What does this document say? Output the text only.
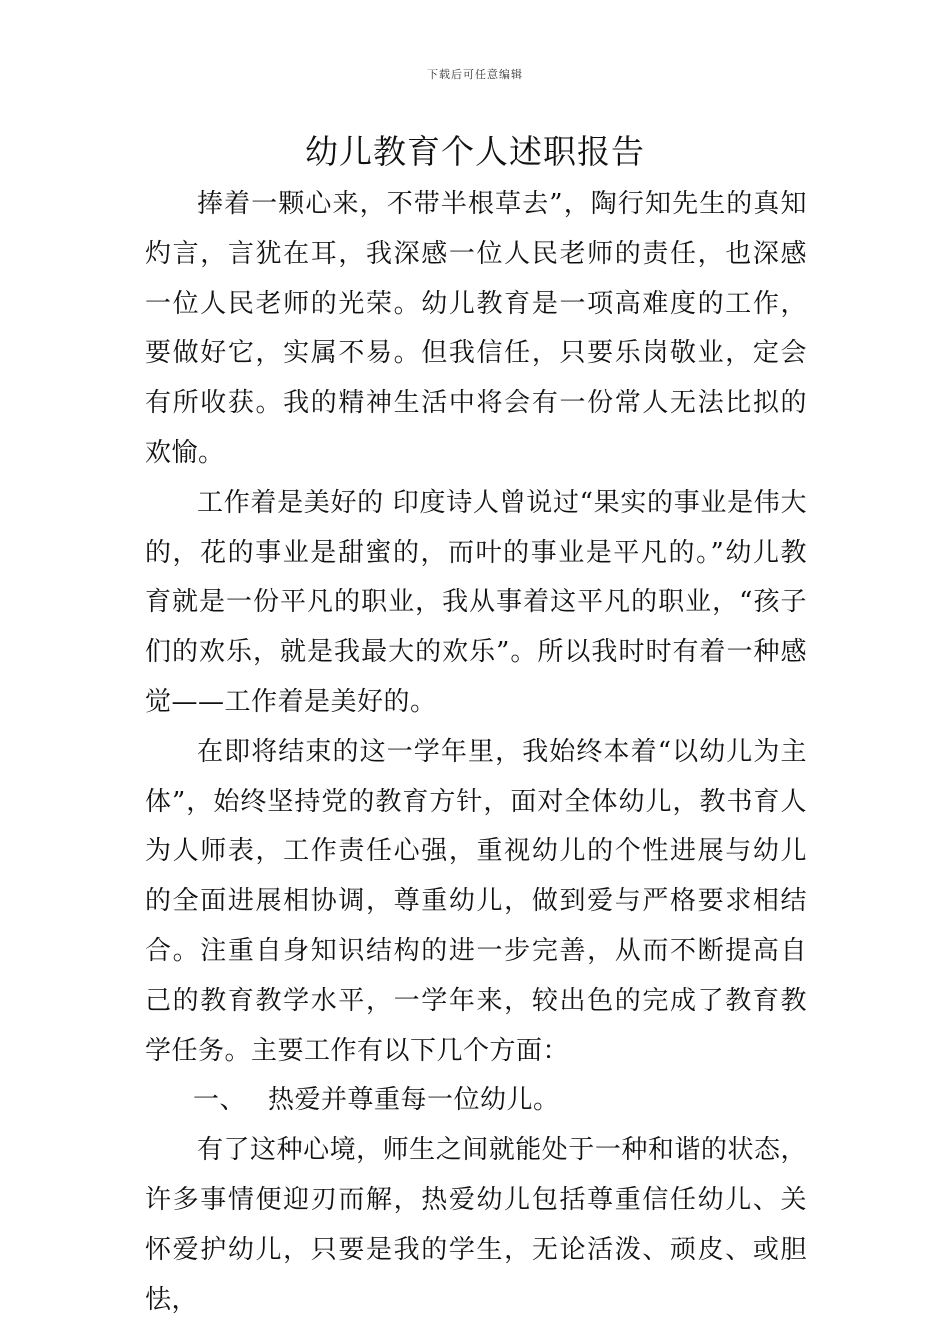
下载后可任意编辑
幼儿教育个人述职报告

捧着一颗心来，不带半根草去”，陶行知先生的真知灼言，言犹在耳，我深感一位人民老师的责任，也深感一位人民老师的光荣。幼儿教育是一项高难度的工作，要做好它，实属不易。但我信任，只要乐岗敬业，定会有所收获。我的精神生活中将会有一份常人无法比拟的欢愉。

工作着是美好的 印度诗人曾说过“果实的事业是伟大的，花的事业是甜蜜的，而叶的事业是平凡的。”幼儿教育就是一份平凡的职业，我从事着这平凡的职业，“孩子们的欢乐，就是我最大的欢乐”。所以我时时有着一种感觉——工作着是美好的。

在即将结束的这一学年里，我始终本着“以幼儿为主体”，始终坚持党的教育方针，面对全体幼儿，教书育人为人师表，工作责任心强，重视幼儿的个性进展与幼儿的全面进展相协调，尊重幼儿，做到爱与严格要求相结合。注重自身知识结构的进一步完善，从而不断提高自己的教育教学水平，一学年来，较出色的完成了教育教学任务。主要工作有以下几个方面：

一、 热爱并尊重每一位幼儿。

有了这种心境，师生之间就能处于一种和谐的状态，许多事情便迎刃而解，热爱幼儿包括尊重信任幼儿、关怀爱护幼儿，只要是我的学生，无论活泼、顽皮、或胆怯，
